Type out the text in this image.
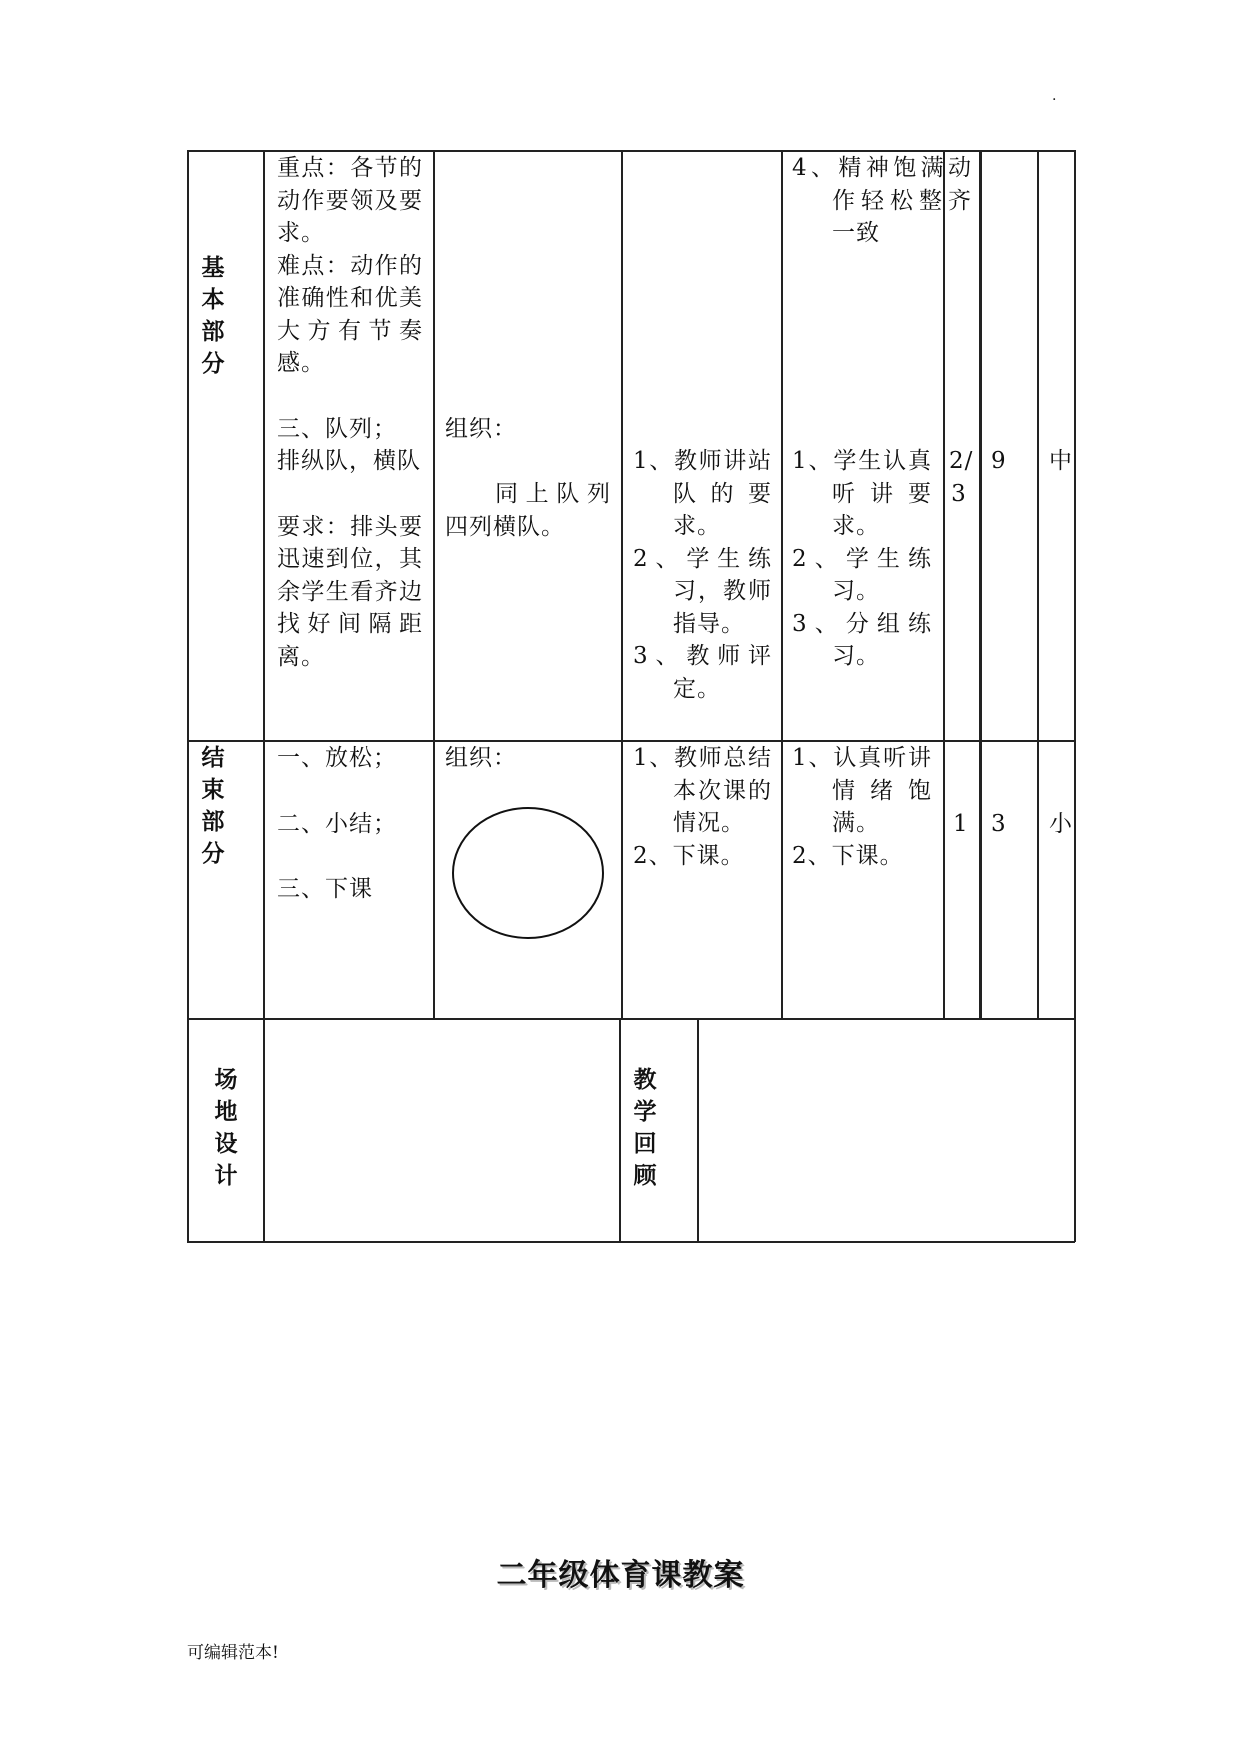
.
基
本
部
分
重点：各节的动作要领及要求。
难点：动作的准确性和优美大方有节奏感。
三、队列；
排纵队，横队
要求：排头要迅速到位，其余学生看齐边找好间隔距离。
组织：
同上队列四列横队。
1、教师讲站队的要求。
2、学生练习，教师指导。
3、教师评定。
4、精神饱满动作轻松整齐一致
1、学生认真听讲要求。
2、学生练习。
3、分组练习。
2/3
9 中
结
束
部
分
一、放松；
二、小结；
三、下课
组织：	1、教师总结本次课的情况。
2、下课。
1、认真听讲情绪饱满。
2、下课。
1 3 小
场
地
设
计
教
学
回
顾
二年级体育课教案
可编辑范本!
